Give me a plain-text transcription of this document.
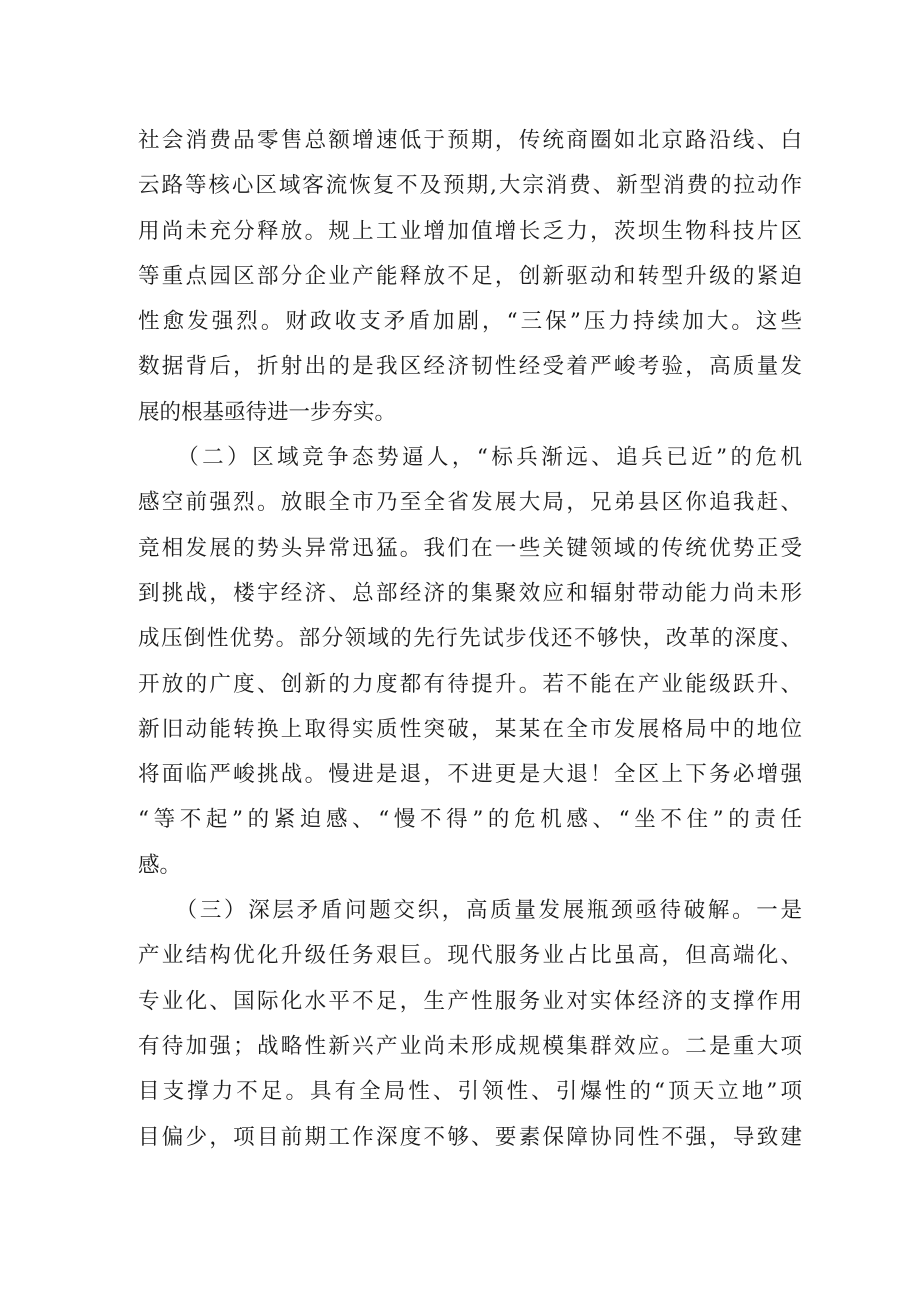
社会消费品零售总额增速低于预期，传统商圈如北京路沿线、白
云路等核心区域客流恢复不及预期,大宗消费、新型消费的拉动作
用尚未充分释放。规上工业增加值增长乏力，茨坝生物科技片区
等重点园区部分企业产能释放不足，创新驱动和转型升级的紧迫
性愈发强烈。财政收支矛盾加剧，“三保”压力持续加大。这些
数据背后，折射出的是我区经济韧性经受着严峻考验，高质量发
展的根基亟待进一步夯实。
　　（二）区域竞争态势逼人，“标兵渐远、追兵已近”的危机
感空前强烈。放眼全市乃至全省发展大局，兄弟县区你追我赶、
竞相发展的势头异常迅猛。我们在一些关键领域的传统优势正受
到挑战，楼宇经济、总部经济的集聚效应和辐射带动能力尚未形
成压倒性优势。部分领域的先行先试步伐还不够快，改革的深度、
开放的广度、创新的力度都有待提升。若不能在产业能级跃升、
新旧动能转换上取得实质性突破，某某在全市发展格局中的地位
将面临严峻挑战。慢进是退，不进更是大退！全区上下务必增强
“等不起”的紧迫感、“慢不得”的危机感、“坐不住”的责任
感。
　　（三）深层矛盾问题交织，高质量发展瓶颈亟待破解。一是
产业结构优化升级任务艰巨。现代服务业占比虽高，但高端化、
专业化、国际化水平不足，生产性服务业对实体经济的支撑作用
有待加强；战略性新兴产业尚未形成规模集群效应。二是重大项
目支撑力不足。具有全局性、引领性、引爆性的“顶天立地”项
目偏少，项目前期工作深度不够、要素保障协同性不强，导致建
